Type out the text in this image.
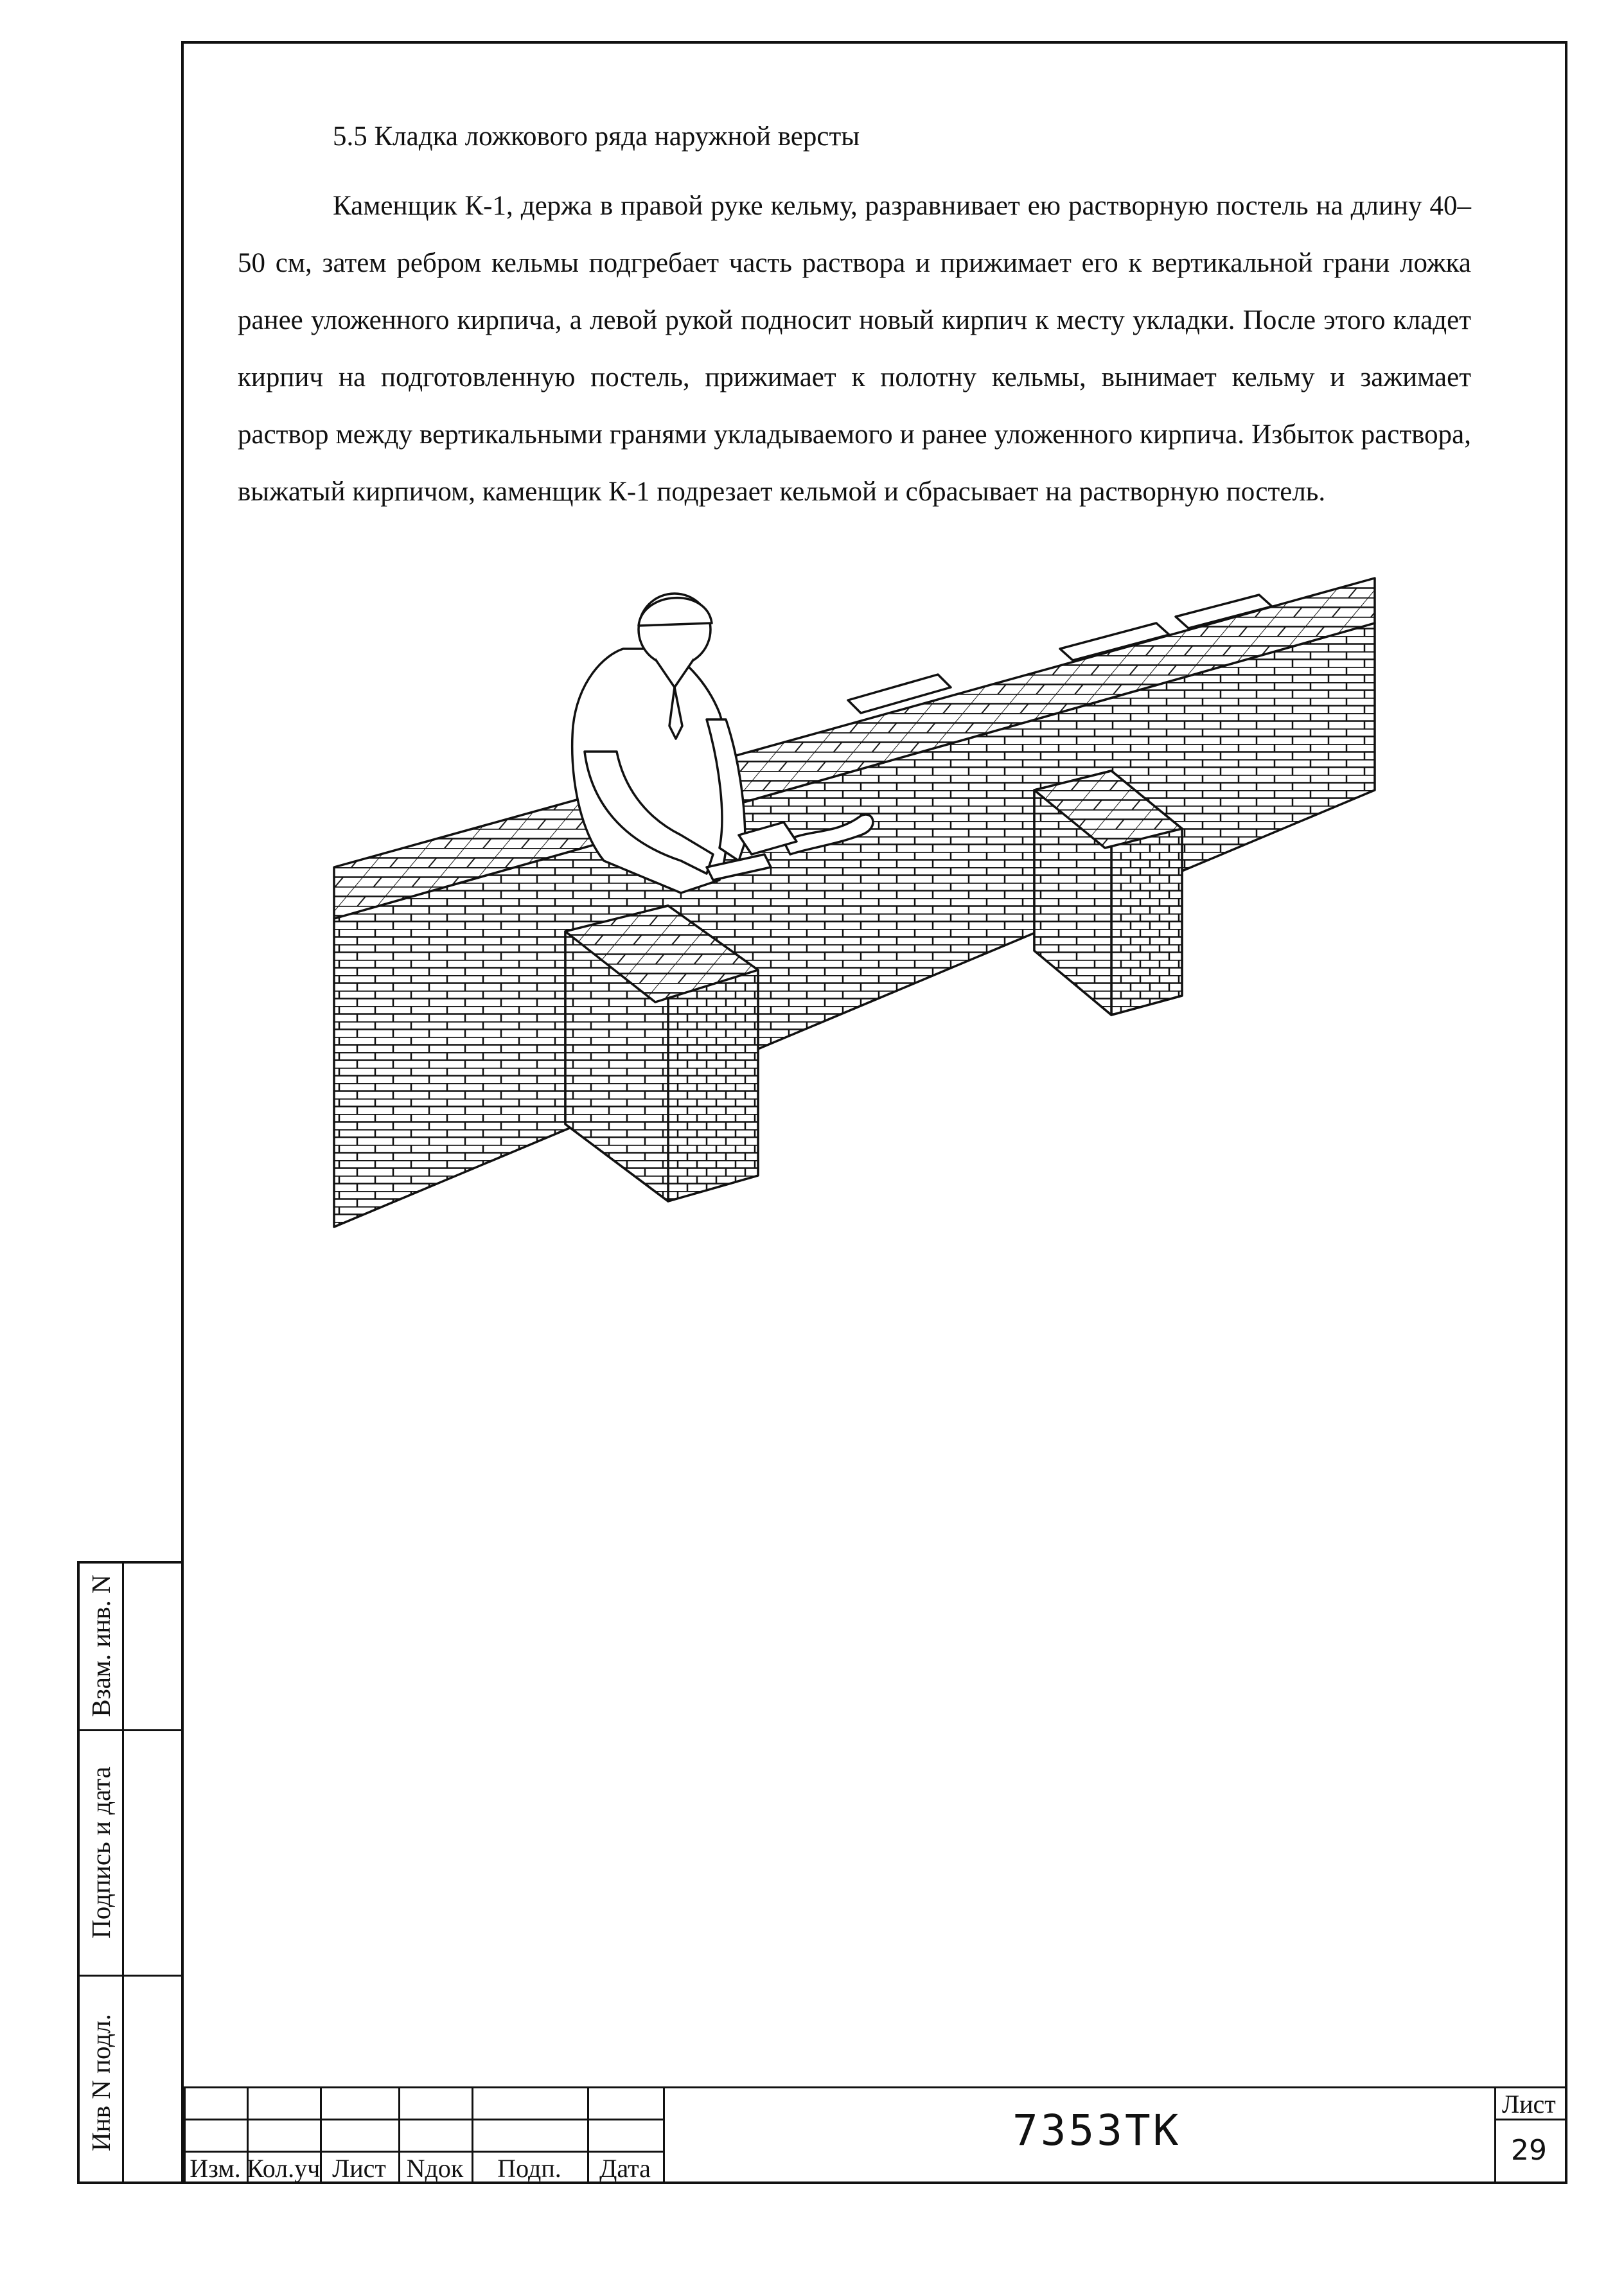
5.5 Кладка ложкового ряда наружной версты

Каменщик К-1, держа в правой руке кельму, разравнивает ею растворную постель на длину 40–50 см, затем ребром кельмы подгребает часть раствора и прижимает его к вертикальной грани ложка ранее уложенного кирпича, а левой рукой подносит новый кирпич к месту укладки. После этого кладет кирпич на подготовленную постель, прижимает к полотну кельмы, вынимает кельму и зажимает раствор между вертикальными гранями укладываемого и ранее уложенного кирпича. Избыток раствора, выжатый кирпичом, каменщик К-1 подрезает кельмой и сбрасывает на растворную постель.

Взам. инв. N
Подпись и дата
Инв N подл.
Изм. Кол.уч Лист Nдок	Подп.	Дата
7353ТК
Лист
29
